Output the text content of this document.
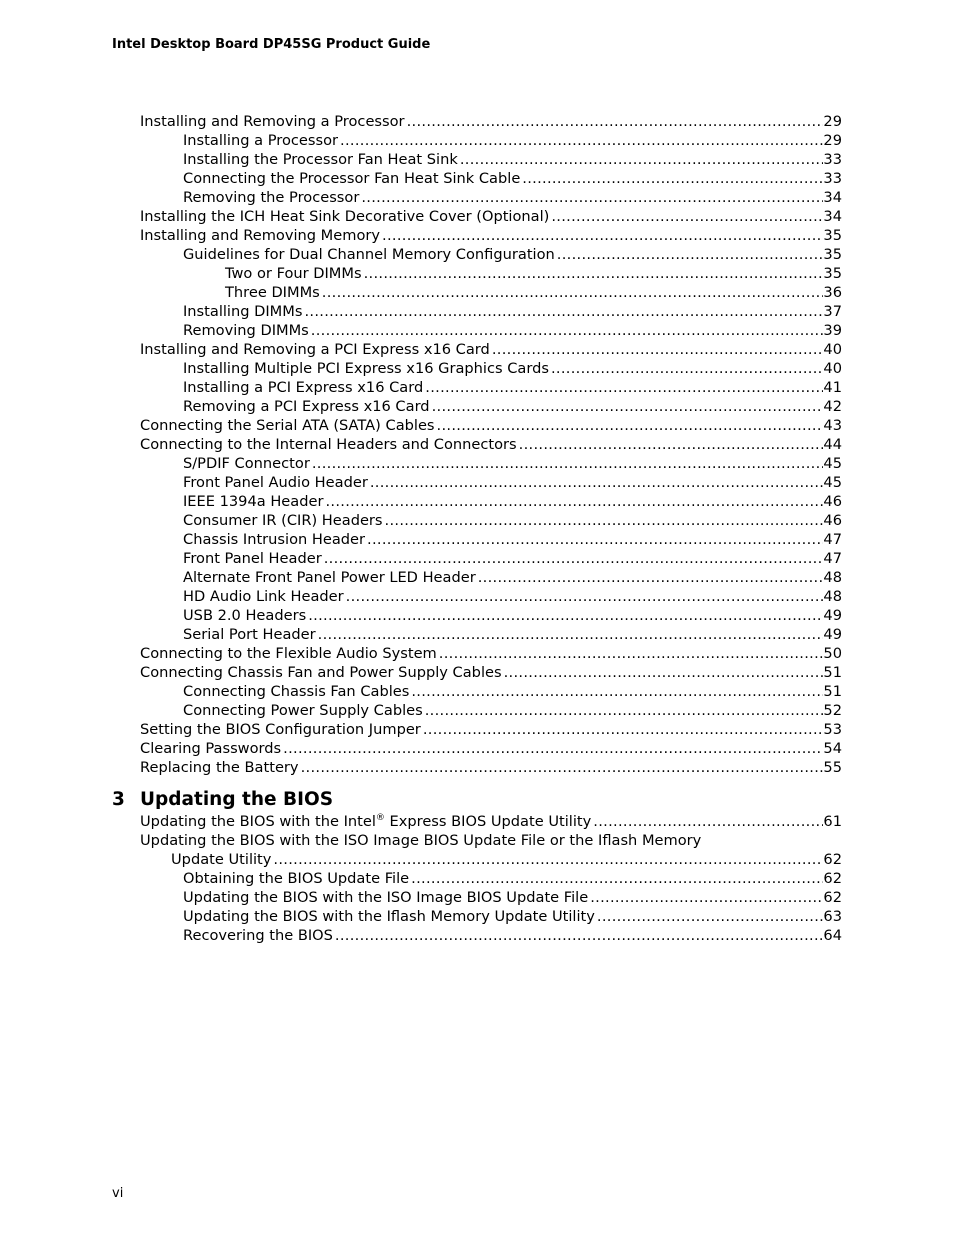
Intel Desktop Board DP45SG Product Guide
Installing and Removing a Processor .....	29
Installing a Processor .....	29
Installing the Processor Fan Heat Sink .....	33
Connecting the Processor Fan Heat Sink Cable .....	33
Removing the Processor .....	34
Installing the ICH Heat Sink Decorative Cover (Optional) .....	34
Installing and Removing Memory .....	35
Guidelines for Dual Channel Memory Configuration .....	35
Two or Four DIMMs .....	35
Three DIMMs .....	36
Installing DIMMs .....	37
Removing DIMMs .....	39
Installing and Removing a PCI Express x16 Card .....	40
Installing Multiple PCI Express x16 Graphics Cards .....	40
Installing a PCI Express x16 Card .....	41
Removing a PCI Express x16 Card .....	42
Connecting the Serial ATA (SATA) Cables .....	43
Connecting to the Internal Headers and Connectors .....	44
S/PDIF Connector .....	45
Front Panel Audio Header .....	45
IEEE 1394a Header .....	46
Consumer IR (CIR) Headers .....	46
Chassis Intrusion Header .....	47
Front Panel Header .....	47
Alternate Front Panel Power LED Header .....	48
HD Audio Link Header .....	48
USB 2.0 Headers .....	49
Serial Port Header .....	49
Connecting to the Flexible Audio System .....	50
Connecting Chassis Fan and Power Supply Cables .....	51
Connecting Chassis Fan Cables .....	51
Connecting Power Supply Cables .....	52
Setting the BIOS Configuration Jumper .....	53
Clearing Passwords .....	54
Replacing the Battery .....	55
3 Updating the BIOS
Updating the BIOS with the Intel® Express BIOS Update Utility .....	61
Updating the BIOS with the ISO Image BIOS Update File or the Iflash Memory
Update Utility .....	62
Obtaining the BIOS Update File .....	62
Updating the BIOS with the ISO Image BIOS Update File .....	62
Updating the BIOS with the Iflash Memory Update Utility .....	63
Recovering the BIOS .....	64
vi
